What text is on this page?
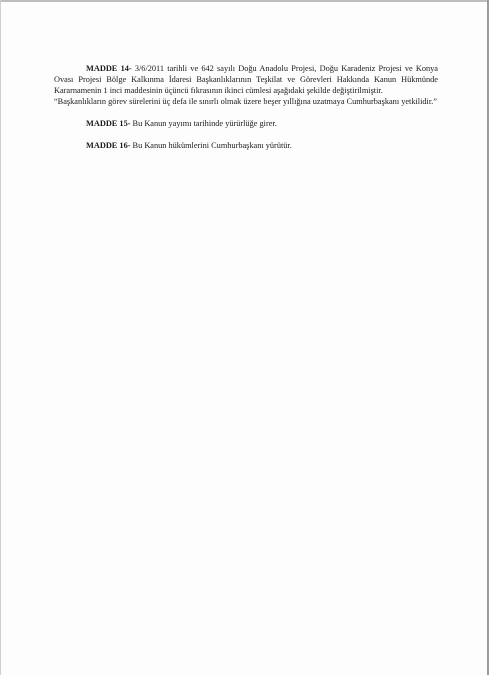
MADDE 14- 3/6/2011 tarihli ve 642 sayılı Doğu Anadolu Projesi, Doğu Karadeniz Projesi ve Konya Ovası Projesi Bölge Kalkınma İdaresi Başkanlıklarının Teşkilat ve Görevleri Hakkında Kanun Hükmünde Kararnamenin 1 inci maddesinin üçüncü fıkrasının ikinci cümlesi aşağıdaki şekilde değiştirilmiştir.

“Başkanlıkların görev sürelerini üç defa ile sınırlı olmak üzere beşer yıllığına uzatmaya Cumhurbaşkanı yetkilidir.”

MADDE 15- Bu Kanun yayımı tarihinde yürürlüğe girer.

MADDE 16- Bu Kanun hükümlerini Cumhurbaşkanı yürütür.
